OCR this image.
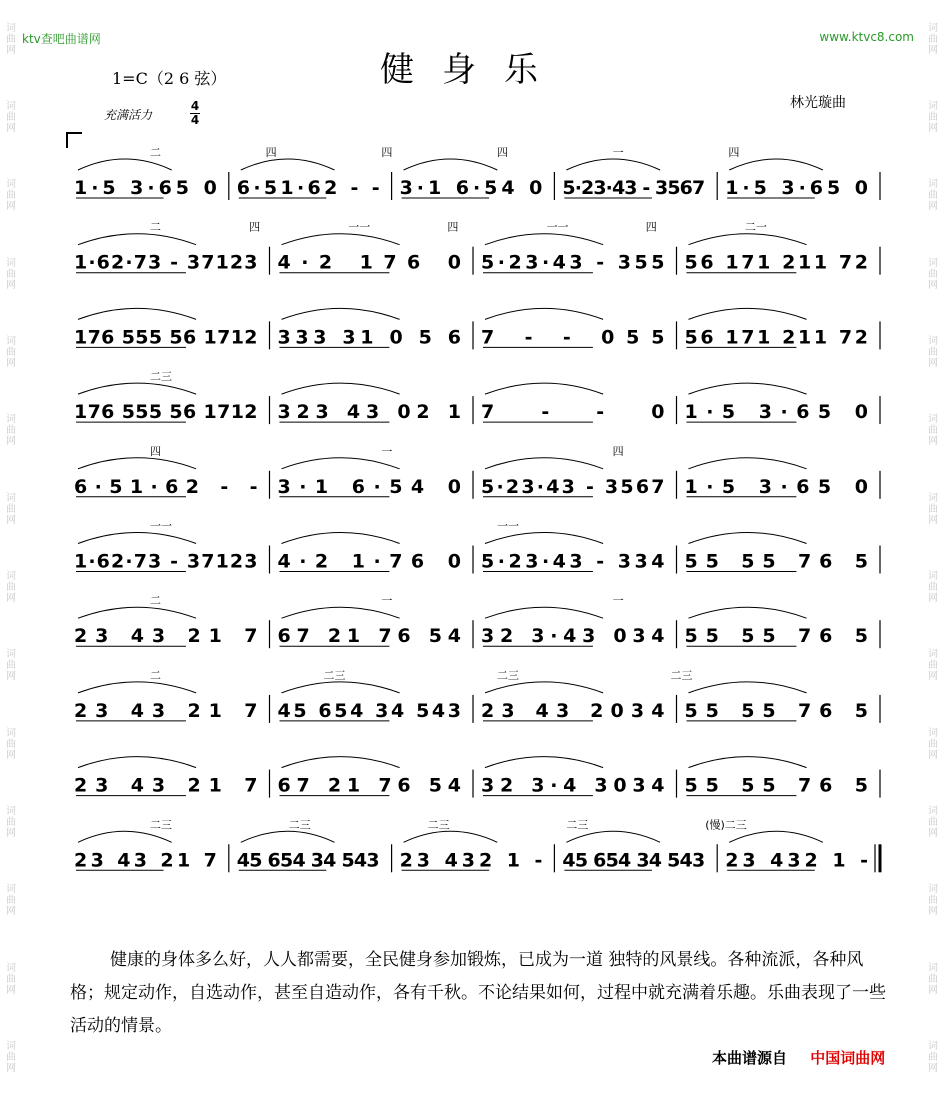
词
曲
网
词
曲
网
词
曲
网
词
曲
网
词
曲
网
词
曲
网
词
曲
网
词
曲
网
词
曲
网
词
曲
网
词
曲
网
词
曲
网
词
曲
网
词
曲
网
词
曲
网
词
曲
网
词
曲
网
词
曲
网
词
曲
网
词
曲
网
词
曲
网
词
曲
网
词
曲
网
词
曲
网
词
曲
网
词
曲
网
词
曲
网
词
曲
网
ktv查吧曲谱网	www.ktvc8.com
健身乐
1=C（2 6 弦）
充满活力
4
4
林光璇曲
1·5 3·65 0 6·51·62 - - 3·1 6·54 0 5·23·43 - 3567 1·5 3·65 0
二	四	四	四	一	四
1·62·73 - 37123 4·2 176 0 5·23·43 - 355 56 171 211 72
二	四	一一	四	一一	四	二一
176 555 56 1712 333 31 0 5 6 7 - - 055 56 171 211 72
176 555 56 1712 323 43 02 1 7 - - 0 1·5 3·65 0
二三
6·51·62 - - 3·1 6·54 0 5·23·43 - 3567 1·5 3·65 0
四	一	四
1·62·73 - 37123 4·2 1·76 0 5·23·43 - 334 55 55 76 5
一一	一一
23 43 21 7 67 21 76 54 32 3·43 034 55 55 76 5
二	一	一
23 43 21 7 45 654 34 543 23 43 2034 55 55 76 5
二	二三	二三	二三
23 43 21 7 67 21 76 54 32 3·4 3034 55 55 76 5
23 43 21 7 45 654 34 543 23 432 1 - 45 654 34 543 23 432 1 -
二三	二三	二三	二三	(慢)二三
健康的身体多么好，人人都需要，全民健身参加锻炼，已成为一道 独特的风景线。各种流派，各种风格；规定动作，自选动作，甚至自造动作，各有千秋。不论结果如何，过程中就充满着乐趣。乐曲表现了一些活动的情景。
本曲谱源自 中国词曲网
